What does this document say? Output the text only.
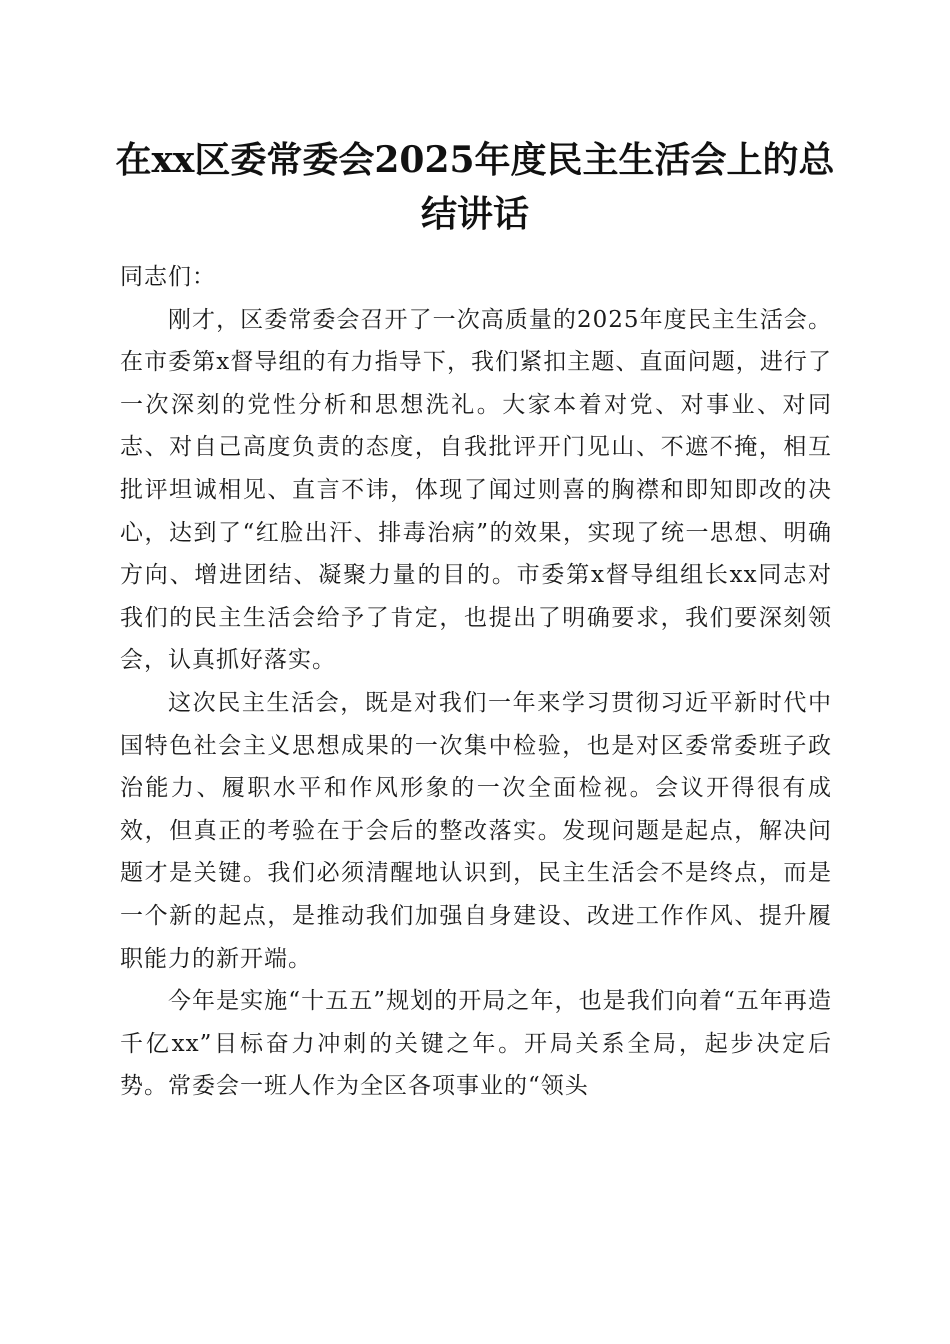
在xx区委常委会2025年度民主生活会上的总结讲话

同志们：

刚才，区委常委会召开了一次高质量的2025年度民主生活会。在市委第x督导组的有力指导下，我们紧扣主题、直面问题，进行了一次深刻的党性分析和思想洗礼。大家本着对党、对事业、对同志、对自己高度负责的态度，自我批评开门见山、不遮不掩，相互批评坦诚相见、直言不讳，体现了闻过则喜的胸襟和即知即改的决心，达到了“红脸出汗、排毒治病”的效果，实现了统一思想、明确方向、增进团结、凝聚力量的目的。市委第x督导组组长xx同志对我们的民主生活会给予了肯定，也提出了明确要求，我们要深刻领会，认真抓好落实。

这次民主生活会，既是对我们一年来学习贯彻习近平新时代中国特色社会主义思想成果的一次集中检验，也是对区委常委班子政治能力、履职水平和作风形象的一次全面检视。会议开得很有成效，但真正的考验在于会后的整改落实。发现问题是起点，解决问题才是关键。我们必须清醒地认识到，民主生活会不是终点，而是一个新的起点，是推动我们加强自身建设、改进工作作风、提升履职能力的新开端。

今年是实施“十五五”规划的开局之年，也是我们向着“五年再造千亿xx”目标奋力冲刺的关键之年。开局关系全局，起步决定后势。常委会一班人作为全区各项事业的“领头
